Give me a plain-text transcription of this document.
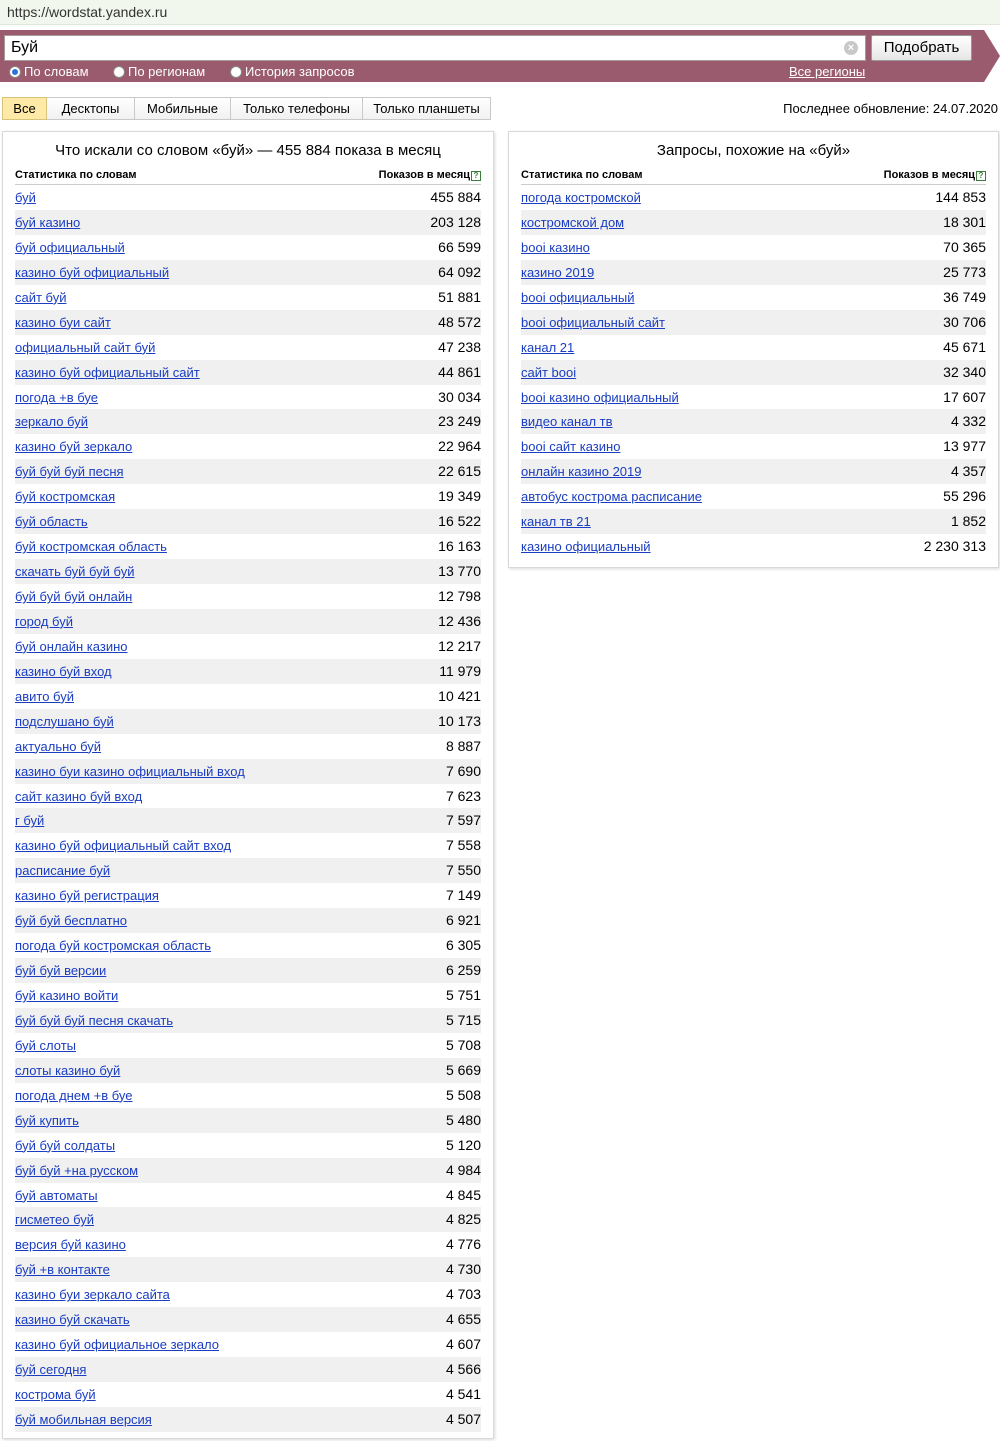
https://wordstat.yandex.ru
Буй
×	Подобрать
По словам	По регионам	История запросов	Все регионы
Все	Десктопы	Мобильные	Только телефоны	Только планшеты	Последнее обновление: 24.07.2020
Что искали со словом «буй» — 455 884 показа в месяц
Статистика по словам	Показов в месяц ?
буй	455 884
буй казино	203 128
буй официальный	66 599
казино буй официальный	64 092
сайт буй	51 881
казино буи сайт	48 572
официальный сайт буй	47 238
казино буй официальный сайт	44 861
погода +в буе	30 034
зеркало буй	23 249
казино буй зеркало	22 964
буй буй буй песня	22 615
буй костромская	19 349
буй область	16 522
буй костромская область	16 163
скачать буй буй буй	13 770
буй буй буй онлайн	12 798
город буй	12 436
буй онлайн казино	12 217
казино буй вход	11 979
авито буй	10 421
подслушано буй	10 173
актуально буй	8 887
казино буи казино официальный вход	7 690
сайт казино буй вход	7 623
г буй	7 597
казино буй официальный сайт вход	7 558
расписание буй	7 550
казино буй регистрация	7 149
буй буй бесплатно	6 921
погода буй костромская область	6 305
буй буй версии	6 259
буй казино войти	5 751
буй буй буй песня скачать	5 715
буй слоты	5 708
слоты казино буй	5 669
погода днем +в буе	5 508
буй купить	5 480
буй буй солдаты	5 120
буй буй +на русском	4 984
буй автоматы	4 845
гисметео буй	4 825
версия буй казино	4 776
буй +в контакте	4 730
казино буи зеркало сайта	4 703
казино буй скачать	4 655
казино буй официальное зеркало	4 607
буй сегодня	4 566
кострома буй	4 541
буй мобильная версия	4 507
Запросы, похожие на «буй»
Статистика по словам	Показов в месяц ?
погода костромской	144 853
костромской дом	18 301
booi казино	70 365
казино 2019	25 773
booi официальный	36 749
booi официальный сайт	30 706
канал 21	45 671
сайт booi	32 340
booi казино официальный	17 607
видео канал тв	4 332
booi сайт казино	13 977
онлайн казино 2019	4 357
автобус кострома расписание	55 296
канал тв 21	1 852
казино официальный	2 230 313
